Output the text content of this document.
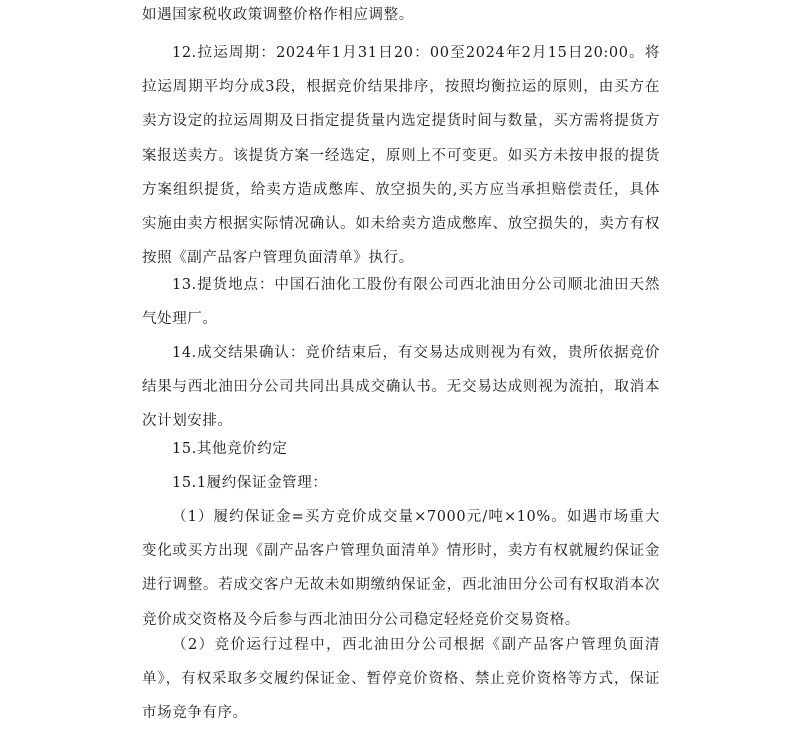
如遇国家税收政策调整价格作相应调整。

12.拉运周期：2024年1月31日20：00至2024年2月15日20:00。将拉运周期平均分成3段，根据竞价结果排序，按照均衡拉运的原则，由买方在卖方设定的拉运周期及日指定提货量内选定提货时间与数量，买方需将提货方案报送卖方。该提货方案一经选定，原则上不可变更。如买方未按申报的提货方案组织提货，给卖方造成憋库、放空损失的,买方应当承担赔偿责任，具体实施由卖方根据实际情况确认。如未给卖方造成憋库、放空损失的，卖方有权按照《副产品客户管理负面清单》执行。

13.提货地点：中国石油化工股份有限公司西北油田分公司顺北油田天然气处理厂。

14.成交结果确认：竞价结束后，有交易达成则视为有效，贵所依据竞价结果与西北油田分公司共同出具成交确认书。无交易达成则视为流拍，取消本次计划安排。

15.其他竞价约定

15.1履约保证金管理：

（1）履约保证金=买方竞价成交量×7000元/吨×10%。如遇市场重大变化或买方出现《副产品客户管理负面清单》情形时，卖方有权就履约保证金进行调整。若成交客户无故未如期缴纳保证金，西北油田分公司有权取消本次竞价成交资格及今后参与西北油田分公司稳定轻烃竞价交易资格。

（2）竞价运行过程中，西北油田分公司根据《副产品客户管理负面清单》，有权采取多交履约保证金、暂停竞价资格、禁止竞价资格等方式，保证市场竞争有序。
